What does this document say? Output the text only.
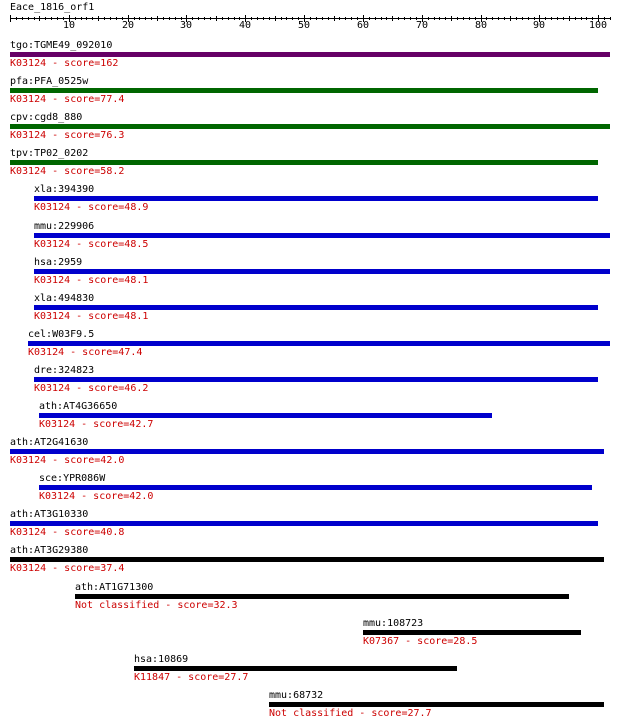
Eace_1816_orf1
10	20	30	40	50	60	70	80	90	100
tgo:TGME49_092010
K03124 - score=162
pfa:PFA_0525w
K03124 - score=77.4
cpv:cgd8_880
K03124 - score=76.3
tpv:TP02_0202
K03124 - score=58.2
xla:394390
K03124 - score=48.9
mmu:229906
K03124 - score=48.5
hsa:2959
K03124 - score=48.1
xla:494830
K03124 - score=48.1
cel:W03F9.5
K03124 - score=47.4
dre:324823
K03124 - score=46.2
ath:AT4G36650
K03124 - score=42.7
ath:AT2G41630
K03124 - score=42.0
sce:YPR086W
K03124 - score=42.0
ath:AT3G10330
K03124 - score=40.8
ath:AT3G29380
K03124 - score=37.4
ath:AT1G71300
Not classified - score=32.3
mmu:108723
K07367 - score=28.5
hsa:10869
K11847 - score=27.7
mmu:68732
Not classified - score=27.7
